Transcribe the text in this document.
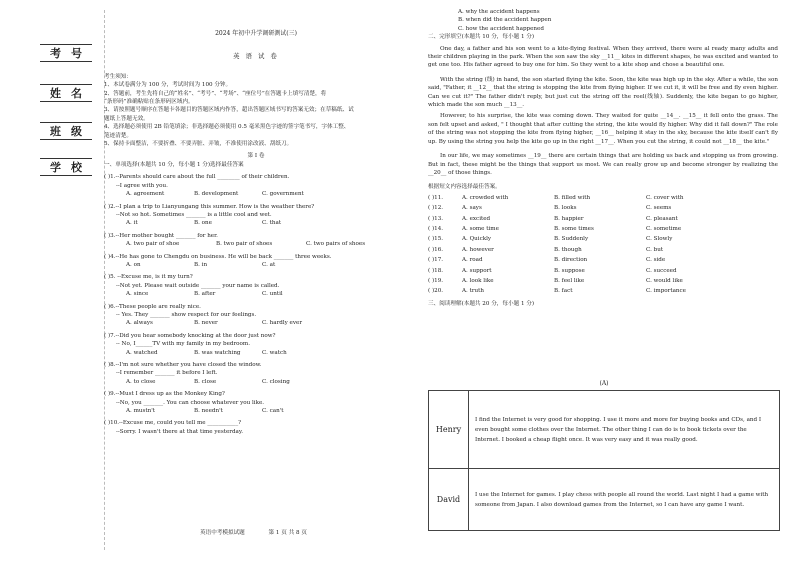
考号
姓名
班级
学校
2024 年初中升学调研测试(三)
英 语 试 卷
考生须知：
1、本试卷满分为 100 分，考试时间为 100 分钟。
2、答题前，考生先将自己的“姓名”、“考号”、“考场”、“座位号”在答题卡上填写清楚，将
“条形码”准确粘贴在条形码区域内。
3、请按照题号顺序在答题卡各题目的答题区域内作答，超出答题区域书写的答案无效；在草稿纸、试
题纸上答题无效。
4、选择题必须使用 2B 铅笔填涂；非选择题必须使用 0.5 毫米黑色字迹的签字笔书写，字体工整、
笔迹清楚。
5、保持卡面整洁，不要折叠、不要弄脏、弄皱，不准使用涂改液、刮纸刀。
第 I 卷
一、单项选择(本题共 10 分，每小题 1 分)选择最佳答案
( )1.--Parents should care about the full ________ of their children.
--I agree with you.
A. agreement	B. development	C. government
( )2.--I plan a trip to Lianyungang this summer. How is the weather there?
--Not so hot. Sometimes _______ is a little cool and wet.
A. it	B. one	C. that
( )3.--Her mother bought _______ for her.
A. two pair of shoe	B. two pair of shoes	C. two pairs of shoes
( )4.--He has gone to Chengdu on business. He will be back _______ three weeks.
A. on	B. in	C. at
( )5. --Excuse me, is it my turn?
--Not yet. Please wait outside _______ your name is called.
A. since	B. after	C. until
( )6.--These people are really nice.
-- Yes. They _______ show respect for our feelings.
A. always	B. never	C. hardly ever
( )7.--Did you hear somebody knocking at the door just now?
-- No, I______TV with my family in my bedroom.
A. watched	B. was watching	C. watch
( )8.--I'm not sure whether you have closed the window.
--I remember _______ it before I left.
A. to close	B. close	C. closing
( )9.--Must I dress up as the Monkey King?
--No, you _______. You can choose whatever you like.
A. mustn't	B. needn't	C. can't
( )10.--Excuse me, could you tell me ___________?
--Sorry. I wasn't there at that time yesterday.
英语中考模拟试题	第 1 页 共 8 页
A. why the accident happens
B. when did the accident happen
C. how the accident happened
二、完形填空(本题共 10 分，每小题 1 分)
One day, a father and his son went to a kite-flying festival. When they arrived, there were al ready many adults and their children playing in the park. When the son saw the sky __11__ kites in different shapes, he was excited and wanted to get one too. His father agreed to buy one for him. So they went to a kite shop and chose a beautiful one.
With the string (线) in hand, the son started flying the kite. Soon, the kite was high up in the sky. After a while, the son said, "Father, it __12__ that the string is stopping the kite from flying higher. If we cut it, it will be free and fly even higher. Can we cut it?" The father didn't reply, but just cut the string off the reel(线轴). Suddenly, the kite began to go higher, which made the son much __13__.
However, to his surprise, the kite was coming down. They waited for quite __14__. __15__ it fell onto the grass. The son felt upset and asked, " I thought that after cutting the string, the kite would fly higher. Why did it fall down?" The role of the string was not stopping the kite from flying higher, __16__ helping it stay in the sky, because the kite itself can't fly up. By using the string you help the kite go up in the right __17__. When you cut the string, it could not __18__ the kite."
In our life, we may sometimes __19__ there are certain things that are holding us back and stopping us from growing. But in fact, these might be the things that support us most. We can really grow up and become stronger by realizing the __20__ of those things.
根据短文内容选择最佳答案。
( )11.	A. crowded with	B. filled with	C. cover with
( )12.	A. says	B. looks	C. seems
( )13.	A. excited	B. happier	C. pleasant
( )14.	A. some time	B. some times	C. sometime
( )15.	A. Quickly	B. Suddenly	C. Slowly
( )16.	A. however	B. though	C. but
( )17.	A. road	B. direction	C. side
( )18.	A. support	B. suppose	C. succeed
( )19.	A. look like	B. feel like	C. would like
( )20.	A. truth	B. fact	C. importance
三、阅读理解(本题共 20 分，每小题 1 分)
(A)
Henry	I find the Internet is very good for shopping. I use it more and more for buying books and CDs, and I even bought some clothes over the Internet. The other thing I can do is to book tickets over the Internet. I booked a cheap flight once. It was very easy and it was really good.
David	I use the Internet for games. I play chess with people all round the world. Last night I had a game with someone from Japan. I also download games from the Internet, so I can have any game I want.
